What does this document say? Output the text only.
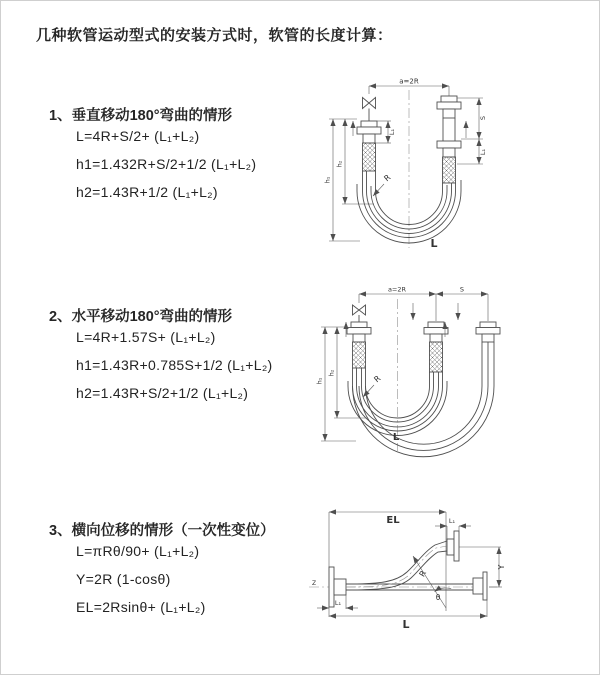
几种软管运动型式的安装方式时，软管的长度计算：
1、垂直移动180°弯曲的情形
L=4R+S/2+ (L₁+L₂)
h1=1.432R+S/2+1/2 (L₁+L₂)
h2=1.43R+1/2 (L₁+L₂)
a=2R
L₁
S
L₁
h₁
h₂
R
L
2、水平移动180°弯曲的情形
L=4R+1.57S+ (L₁+L₂)
h1=1.43R+0.785S+1/2 (L₁+L₂)
h2=1.43R+S/2+1/2 (L₁+L₂)
a=2R	S
h₁
h₂
R
L
3、横向位移的情形（一次性变位）
L=πRθ/90+ (L₁+L₂)
Y=2R (1-cosθ)
EL=2Rsinθ+ (L₁+L₂)
Z
R
θ
EL	L₁
L₁
Y
L
